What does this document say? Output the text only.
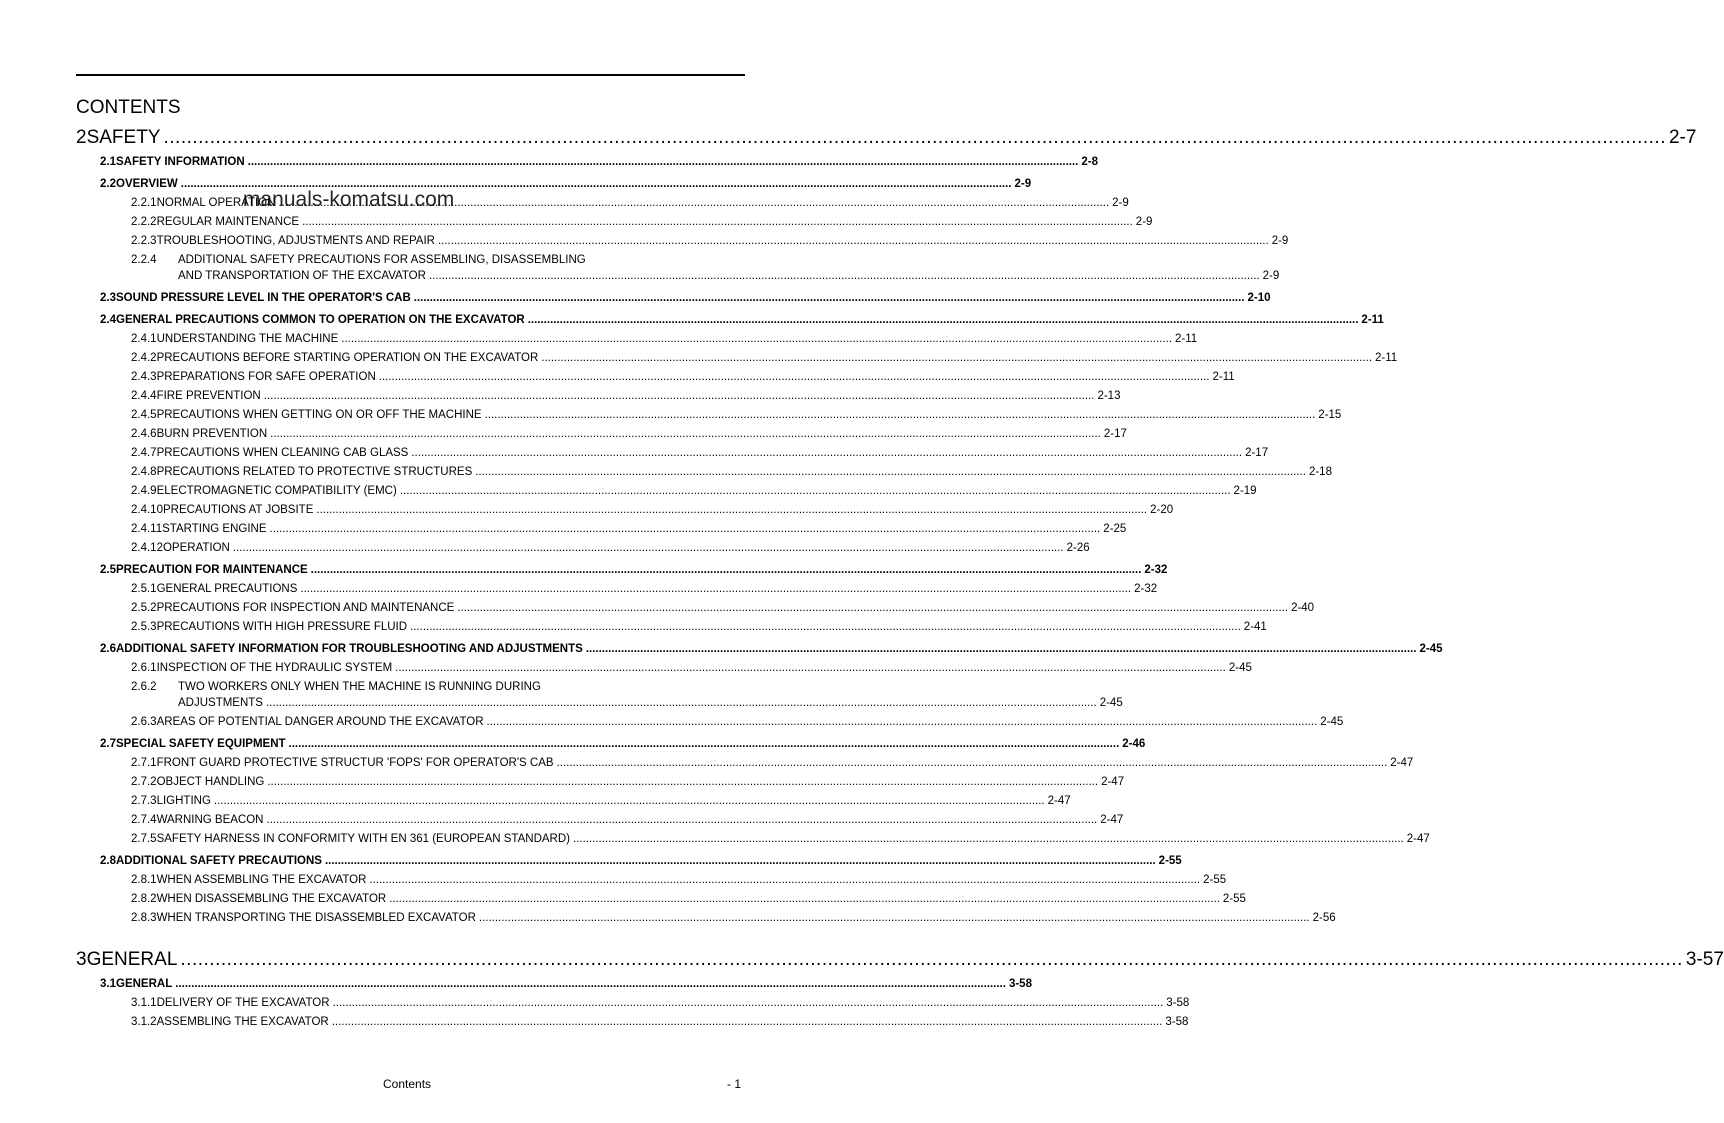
CONTENTS
2 SAFETY .....	2-7
2.1 SAFETY INFORMATION .....	2-8
2.2 OVERVIEW .....	2-9
2.2.1 NORMAL OPERATION .....	2-9
2.2.2 REGULAR MAINTENANCE .....	2-9
2.2.3 TROUBLESHOOTING, ADJUSTMENTS AND REPAIR .....	2-9
2.2.4	ADDITIONAL SAFETY PRECAUTIONS FOR ASSEMBLING, DISASSEMBLING
AND TRANSPORTATION OF THE EXCAVATOR .....	2-9
2.3 SOUND PRESSURE LEVEL IN THE OPERATOR'S CAB .....	2-10
2.4 GENERAL PRECAUTIONS COMMON TO OPERATION ON THE EXCAVATOR .....	2-11
2.4.1 UNDERSTANDING THE MACHINE .....	2-11
2.4.2 PRECAUTIONS BEFORE STARTING OPERATION ON THE EXCAVATOR .....	2-11
2.4.3 PREPARATIONS FOR SAFE OPERATION .....	2-11
2.4.4 FIRE PREVENTION .....	2-13
2.4.5 PRECAUTIONS WHEN GETTING ON OR OFF THE MACHINE .....	2-15
2.4.6 BURN PREVENTION .....	2-17
2.4.7 PRECAUTIONS WHEN CLEANING CAB GLASS .....	2-17
2.4.8 PRECAUTIONS RELATED TO PROTECTIVE STRUCTURES .....	2-18
2.4.9 ELECTROMAGNETIC COMPATIBILITY (EMC) .....	2-19
2.4.10 PRECAUTIONS AT JOBSITE .....	2-20
2.4.11 STARTING ENGINE .....	2-25
2.4.12 OPERATION .....	2-26
2.5 PRECAUTION FOR MAINTENANCE .....	2-32
2.5.1 GENERAL PRECAUTIONS .....	2-32
2.5.2 PRECAUTIONS FOR INSPECTION AND MAINTENANCE .....	2-40
2.5.3 PRECAUTIONS WITH HIGH PRESSURE FLUID .....	2-41
2.6 ADDITIONAL SAFETY INFORMATION FOR TROUBLESHOOTING AND ADJUSTMENTS .....	2-45
2.6.1 INSPECTION OF THE HYDRAULIC SYSTEM .....	2-45
2.6.2	TWO WORKERS ONLY WHEN THE MACHINE IS RUNNING DURING
ADJUSTMENTS .....	2-45
2.6.3 AREAS OF POTENTIAL DANGER AROUND THE EXCAVATOR .....	2-45
2.7 SPECIAL SAFETY EQUIPMENT .....	2-46
2.7.1 FRONT GUARD PROTECTIVE STRUCTUR 'FOPS' FOR OPERATOR'S CAB .....	2-47
2.7.2 OBJECT HANDLING .....	2-47
2.7.3 LIGHTING .....	2-47
2.7.4 WARNING BEACON .....	2-47
2.7.5 SAFETY HARNESS IN CONFORMITY WITH EN 361 (EUROPEAN STANDARD) .....	2-47
2.8 ADDITIONAL SAFETY PRECAUTIONS .....	2-55
2.8.1 WHEN ASSEMBLING THE EXCAVATOR .....	2-55
2.8.2 WHEN DISASSEMBLING THE EXCAVATOR .....	2-55
2.8.3 WHEN TRANSPORTING THE DISASSEMBLED EXCAVATOR .....	2-56
3 GENERAL .....	3-57
3.1 GENERAL .....	3-58
3.1.1 DELIVERY OF THE EXCAVATOR .....	3-58
3.1.2 ASSEMBLING THE EXCAVATOR .....	3-58
manuals-komatsu.com
Contents	- 1
